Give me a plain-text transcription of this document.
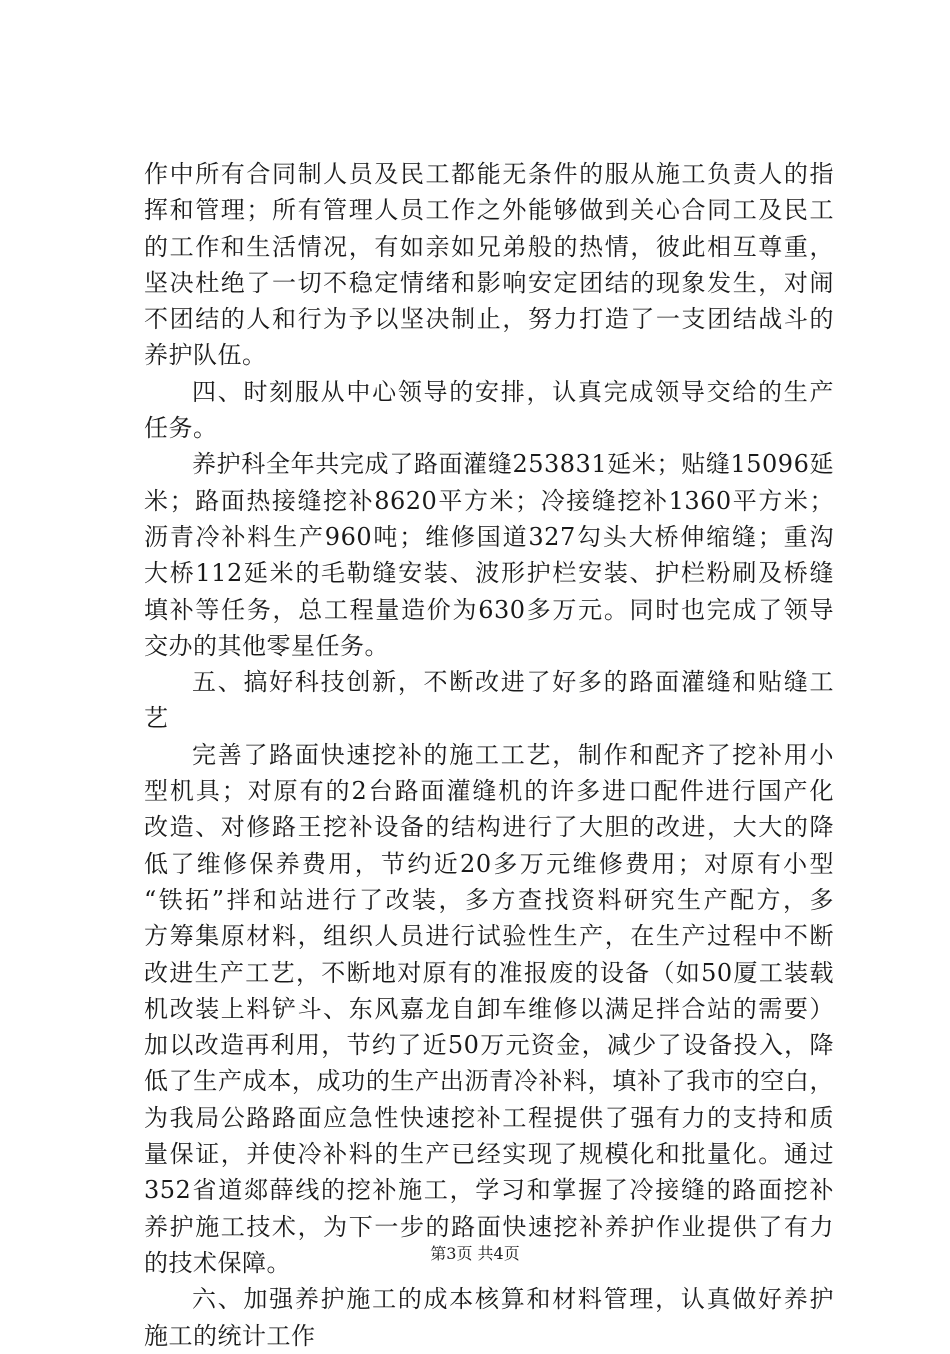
作中所有合同制人员及民工都能无条件的服从施工负责人的指
挥和管理；所有管理人员工作之外能够做到关心合同工及民工
的工作和生活情况，有如亲如兄弟般的热情，彼此相互尊重，
坚决杜绝了一切不稳定情绪和影响安定团结的现象发生，对闹
不团结的人和行为予以坚决制止，努力打造了一支团结战斗的
养护队伍。
四、时刻服从中心领导的安排，认真完成领导交给的生产
任务。
养护科全年共完成了路面灌缝253831延米；贴缝15096延
米；路面热接缝挖补8620平方米；冷接缝挖补1360平方米；
沥青冷补料生产960吨；维修国道327勾头大桥伸缩缝；重沟
大桥112延米的毛勒缝安装、波形护栏安装、护栏粉刷及桥缝
填补等任务，总工程量造价为630多万元。同时也完成了领导
交办的其他零星任务。
五、搞好科技创新，不断改进了好多的路面灌缝和贴缝工
艺
完善了路面快速挖补的施工工艺，制作和配齐了挖补用小
型机具；对原有的2台路面灌缝机的许多进口配件进行国产化
改造、对修路王挖补设备的结构进行了大胆的改进，大大的降
低了维修保养费用，节约近20多万元维修费用；对原有小型
“铁拓”拌和站进行了改装，多方查找资料研究生产配方，多
方筹集原材料，组织人员进行试验性生产，在生产过程中不断
改进生产工艺，不断地对原有的准报废的设备（如50厦工装载
机改装上料铲斗、东风嘉龙自卸车维修以满足拌合站的需要）
加以改造再利用，节约了近50万元资金，减少了设备投入，降
低了生产成本，成功的生产出沥青冷补料，填补了我市的空白，
为我局公路路面应急性快速挖补工程提供了强有力的支持和质
量保证，并使冷补料的生产已经实现了规模化和批量化。通过
352省道郯薛线的挖补施工，学习和掌握了冷接缝的路面挖补
养护施工技术，为下一步的路面快速挖补养护作业提供了有力
的技术保障。
六、加强养护施工的成本核算和材料管理，认真做好养护
施工的统计工作
第3页 共4页
